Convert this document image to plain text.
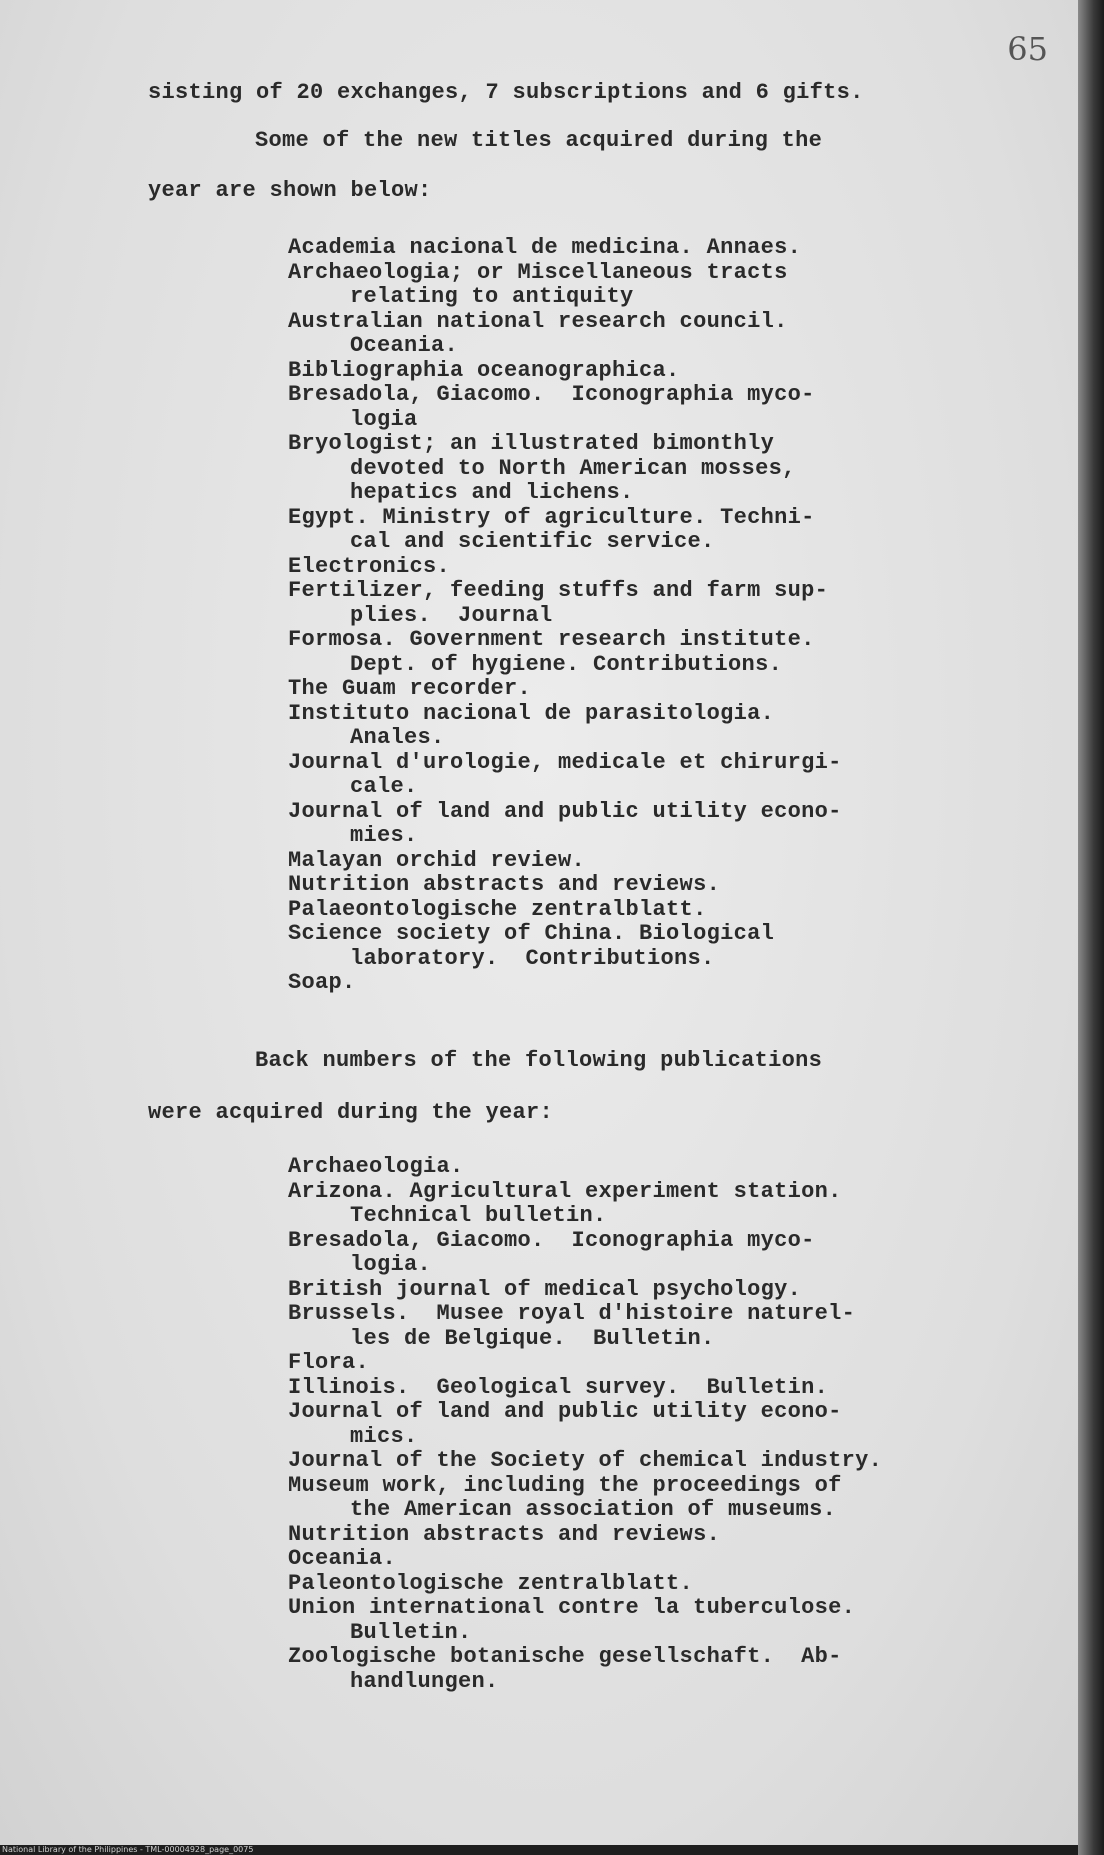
65
sisting of 20 exchanges, 7 subscriptions and 6 gifts.
Some of the new titles acquired during the
year are shown below:
Academia nacional de medicina. Annaes.
Archaeologia; or Miscellaneous tracts
relating to antiquity
Australian national research council.
Oceania.
Bibliographia oceanographica.
Bresadola, Giacomo.  Iconographia myco-
logia
Bryologist; an illustrated bimonthly
devoted to North American mosses,
hepatics and lichens.
Egypt. Ministry of agriculture. Techni-
cal and scientific service.
Electronics.
Fertilizer, feeding stuffs and farm sup-
plies.  Journal
Formosa. Government research institute.
Dept. of hygiene. Contributions.
The Guam recorder.
Instituto nacional de parasitologia.
Anales.
Journal d'urologie, medicale et chirurgi-
cale.
Journal of land and public utility econo-
mies.
Malayan orchid review.
Nutrition abstracts and reviews.
Palaeontologische zentralblatt.
Science society of China. Biological
laboratory.  Contributions.
Soap.
Back numbers of the following publications
were acquired during the year:
Archaeologia.
Arizona. Agricultural experiment station.
Technical bulletin.
Bresadola, Giacomo.  Iconographia myco-
logia.
British journal of medical psychology.
Brussels.  Musee royal d'histoire naturel-
les de Belgique.  Bulletin.
Flora.
Illinois.  Geological survey.  Bulletin.
Journal of land and public utility econo-
mics.
Journal of the Society of chemical industry.
Museum work, including the proceedings of
the American association of museums.
Nutrition abstracts and reviews.
Oceania.
Paleontologische zentralblatt.
Union international contre la tuberculose.
Bulletin.
Zoologische botanische gesellschaft.  Ab-
handlungen.
National Library of the Philippines - TML-00004928_page_0075
